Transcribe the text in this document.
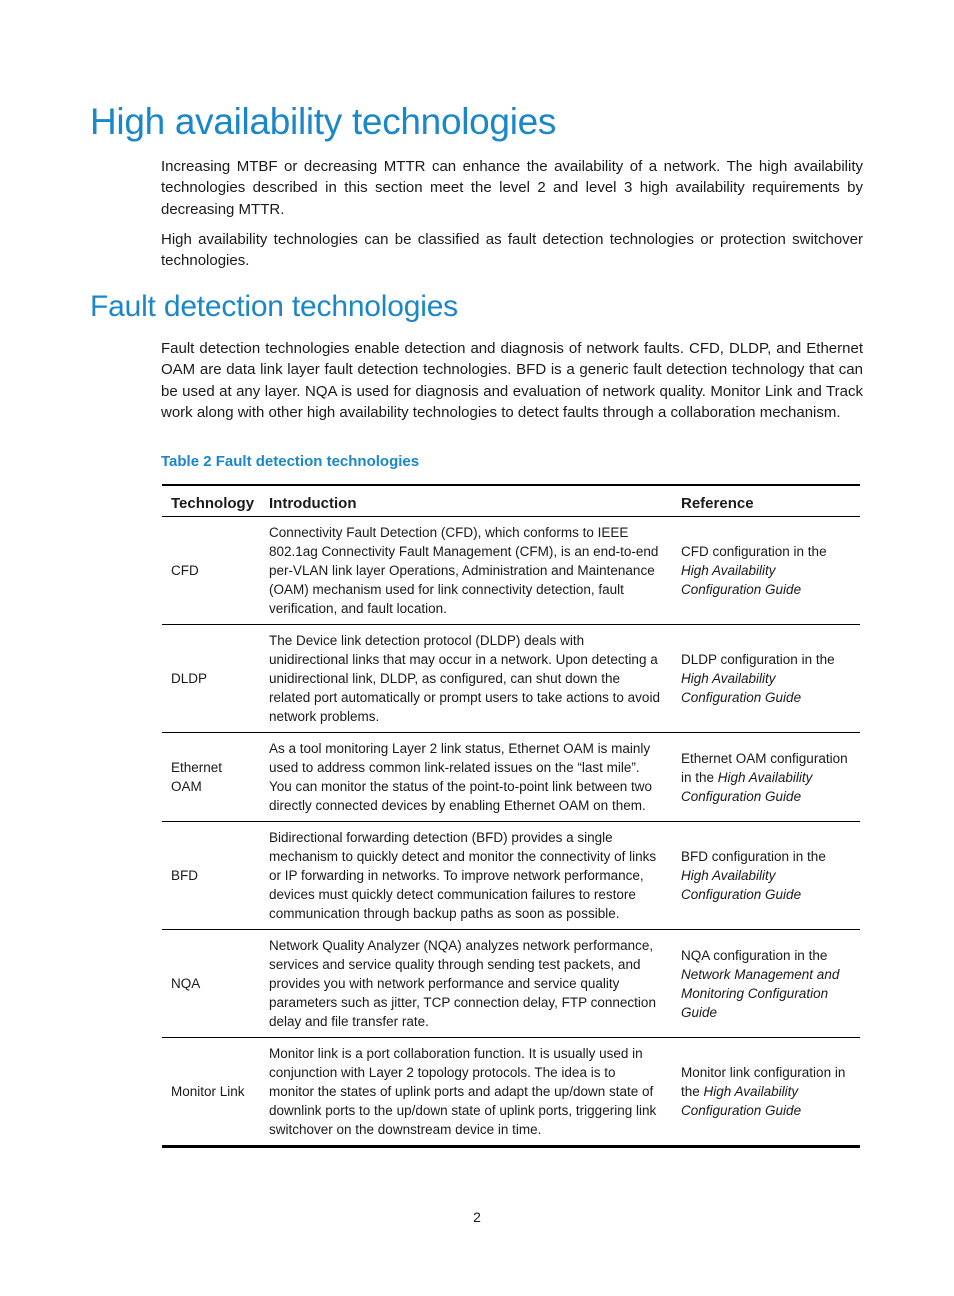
High availability technologies

Increasing MTBF or decreasing MTTR can enhance the availability of a network. The high availability technologies described in this section meet the level 2 and level 3 high availability requirements by decreasing MTTR.

High availability technologies can be classified as fault detection technologies or protection switchover technologies.

Fault detection technologies

Fault detection technologies enable detection and diagnosis of network faults. CFD, DLDP, and Ethernet OAM are data link layer fault detection technologies. BFD is a generic fault detection technology that can be used at any layer. NQA is used for diagnosis and evaluation of network quality. Monitor Link and Track work along with other high availability technologies to detect faults through a collaboration mechanism.

Table 2 Fault detection technologies

Technology	Introduction	Reference
CFD	Connectivity Fault Detection (CFD), which conforms to IEEE 802.1ag Connectivity Fault Management (CFM), is an end-to-end per-VLAN link layer Operations, Administration and Maintenance (OAM) mechanism used for link connectivity detection, fault verification, and fault location.	CFD configuration in the High Availability Configuration Guide
DLDP	The Device link detection protocol (DLDP) deals with unidirectional links that may occur in a network. Upon detecting a unidirectional link, DLDP, as configured, can shut down the related port automatically or prompt users to take actions to avoid network problems.	DLDP configuration in the High Availability Configuration Guide
Ethernet OAM	As a tool monitoring Layer 2 link status, Ethernet OAM is mainly used to address common link-related issues on the “last mile”. You can monitor the status of the point-to-point link between two directly connected devices by enabling Ethernet OAM on them.	Ethernet OAM configuration in the High Availability Configuration Guide
BFD	Bidirectional forwarding detection (BFD) provides a single mechanism to quickly detect and monitor the connectivity of links or IP forwarding in networks. To improve network performance, devices must quickly detect communication failures to restore communication through backup paths as soon as possible.	BFD configuration in the High Availability Configuration Guide
NQA	Network Quality Analyzer (NQA) analyzes network performance, services and service quality through sending test packets, and provides you with network performance and service quality parameters such as jitter, TCP connection delay, FTP connection delay and file transfer rate.	NQA configuration in the Network Management and Monitoring Configuration Guide
Monitor Link	Monitor link is a port collaboration function. It is usually used in conjunction with Layer 2 topology protocols. The idea is to monitor the states of uplink ports and adapt the up/down state of downlink ports to the up/down state of uplink ports, triggering link switchover on the downstream device in time.	Monitor link configuration in the High Availability Configuration Guide

2
